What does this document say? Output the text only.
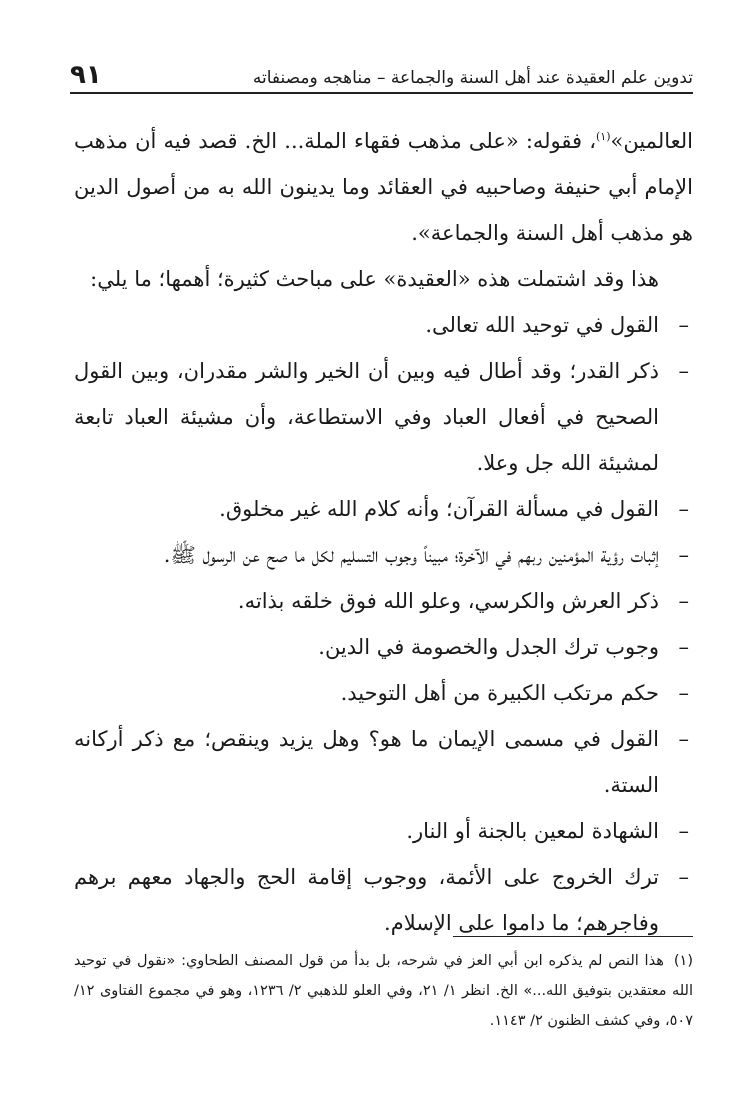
تدوين علم العقيدة عند أهل السنة والجماعة – مناهجه ومصنفاته
٩١

العالمين»$^{(١)}$، فقوله: «على مذهب فقهاء الملة... الخ. قصد فيه أن مذهب الإمام أبي حنيفة وصاحبيه في العقائد وما يدينون الله به من أصول الدين هو مذهب أهل السنة والجماعة».

هذا وقد اشتملت هذه «العقيدة» على مباحث كثيرة؛ أهمها؛ ما يلي:

–
القول في توحيد الله تعالى.
–
ذكر القدر؛ وقد أطال فيه وبين أن الخير والشر مقدران، وبين القول الصحيح في أفعال العباد وفي الاستطاعة، وأن مشيئة العباد تابعة لمشيئة الله جل وعلا.
–
القول في مسألة القرآن؛ وأنه كلام الله غير مخلوق.
–
إثبات رؤية المؤمنين ربهم في الآخرة؛ مبيناً وجوب التسليم لكل ما صح عن الرسول ﷺ.
–
ذكر العرش والكرسي، وعلو الله فوق خلقه بذاته.
–
وجوب ترك الجدل والخصومة في الدين.
–
حكم مرتكب الكبيرة من أهل التوحيد.
–
القول في مسمى الإيمان ما هو؟ وهل يزيد وينقص؛ مع ذكر أركانه الستة.
–
الشهادة لمعين بالجنة أو النار.
–
ترك الخروج على الأئمة، ووجوب إقامة الحج والجهاد معهم برهم وفاجرهم؛ ما داموا على الإسلام.
(١)هذا النص لم يذكره ابن أبي العز في شرحه، بل بدأ من قول المصنف الطحاوي: «نقول في توحيد الله معتقدين بتوفيق الله...» الخ. انظر ١/ ٢١، وفي العلو للذهبي ٢/ ١٢٣٦، وهو في مجموع الفتاوى ١٢/ ٥٠٧، وفي كشف الظنون ٢/ ١١٤٣.
